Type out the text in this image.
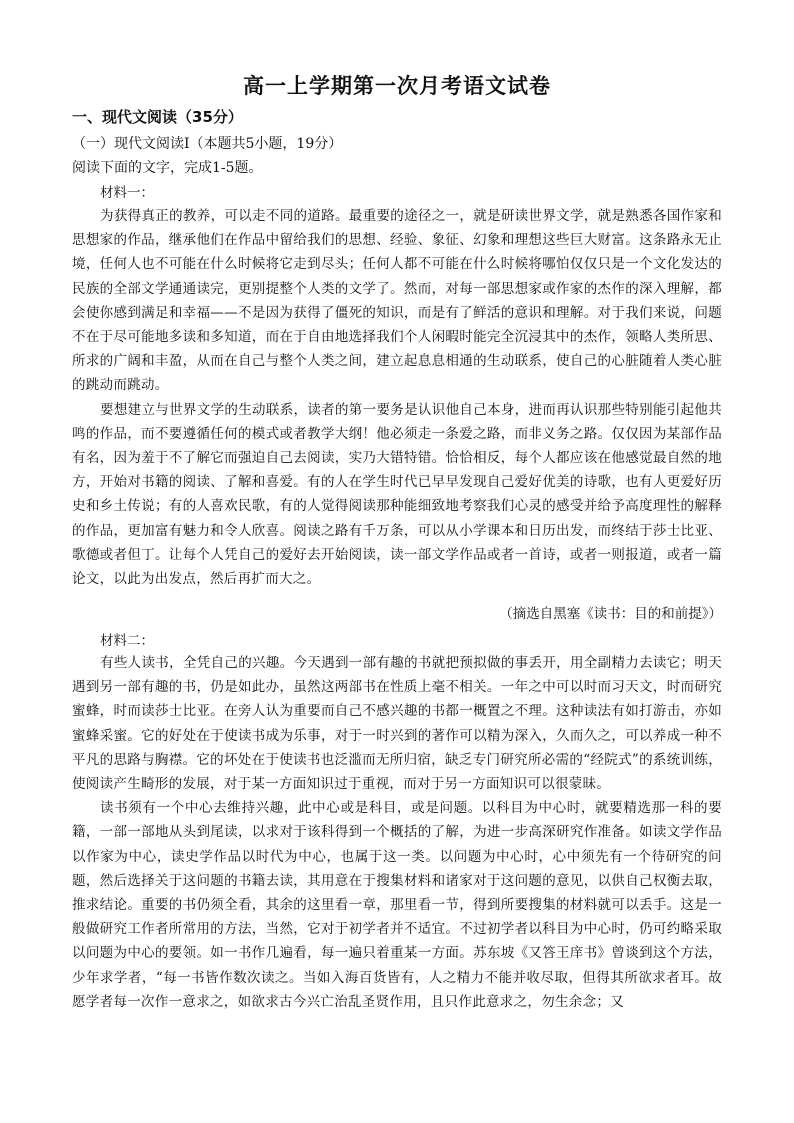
高一上学期第一次月考语文试卷
一、现代文阅读（35分）
（一）现代文阅读Ⅰ（本题共5小题，19分）
阅读下面的文字，完成1-5题。
材料一：

为获得真正的教养，可以走不同的道路。最重要的途径之一，就是研读世界文学，就是熟悉各国作家和思想家的作品，继承他们在作品中留给我们的思想、经验、象征、幻象和理想这些巨大财富。这条路永无止境，任何人也不可能在什么时候将它走到尽头；任何人都不可能在什么时候将哪怕仅仅只是一个文化发达的民族的全部文学通通读完，更别提整个人类的文学了。然而，对每一部思想家或作家的杰作的深入理解，都会使你感到满足和幸福——不是因为获得了僵死的知识，而是有了鲜活的意识和理解。对于我们来说，问题不在于尽可能地多读和多知道，而在于自由地选择我们个人闲暇时能完全沉浸其中的杰作，领略人类所思、所求的广阔和丰盈，从而在自己与整个人类之间，建立起息息相通的生动联系，使自己的心脏随着人类心脏的跳动而跳动。

要想建立与世界文学的生动联系，读者的第一要务是认识他自己本身，进而再认识那些特别能引起他共鸣的作品，而不要遵循任何的模式或者教学大纲！他必须走一条爱之路，而非义务之路。仅仅因为某部作品有名，因为羞于不了解它而强迫自己去阅读，实乃大错特错。恰恰相反，每个人都应该在他感觉最自然的地方，开始对书籍的阅读、了解和喜爱。有的人在学生时代已早早发现自己爱好优美的诗歌，也有人更爱好历史和乡土传说；有的人喜欢民歌，有的人觉得阅读那种能细致地考察我们心灵的感受并给予高度理性的解释的作品，更加富有魅力和令人欣喜。阅读之路有千万条，可以从小学课本和日历出发，而终结于莎士比亚、歌德或者但丁。让每个人凭自己的爱好去开始阅读，读一部文学作品或者一首诗，或者一则报道，或者一篇论文，以此为出发点，然后再扩而大之。

（摘选自黑塞《读书：目的和前提》）
材料二：

有些人读书，全凭自己的兴趣。今天遇到一部有趣的书就把预拟做的事丢开，用全副精力去读它；明天遇到另一部有趣的书，仍是如此办，虽然这两部书在性质上毫不相关。一年之中可以时而习天文，时而研究蜜蜂，时而读莎士比亚。在旁人认为重要而自己不感兴趣的书都一概置之不理。这种读法有如打游击，亦如蜜蜂采蜜。它的好处在于使读书成为乐事，对于一时兴到的著作可以精为深入，久而久之，可以养成一种不平凡的思路与胸襟。它的坏处在于使读书也泛滥而无所归宿，缺乏专门研究所必需的“经院式”的系统训练，使阅读产生畸形的发展，对于某一方面知识过于重视，而对于另一方面知识可以很蒙昧。

读书须有一个中心去维持兴趣，此中心或是科目，或是问题。以科目为中心时，就要精选那一科的要籍，一部一部地从头到尾读，以求对于该科得到一个概括的了解，为进一步高深研究作准备。如读文学作品以作家为中心，读史学作品以时代为中心，也属于这一类。以问题为中心时，心中须先有一个待研究的问题，然后选择关于这问题的书籍去读，其用意在于搜集材料和诸家对于这问题的意见，以供自己权衡去取，推求结论。重要的书仍须全看，其余的这里看一章，那里看一节，得到所要搜集的材料就可以丢手。这是一般做研究工作者所常用的方法，当然，它对于初学者并不适宜。不过初学者以科目为中心时，仍可约略采取以问题为中心的要领。如一书作几遍看，每一遍只着重某一方面。苏东坡《又答王庠书》曾谈到这个方法，少年求学者，“每一书皆作数次读之。当如入海百货皆有，人之精力不能并收尽取，但得其所欲求者耳。故愿学者每一次作一意求之，如欲求古今兴亡治乱圣贤作用，且只作此意求之，勿生余念；又
